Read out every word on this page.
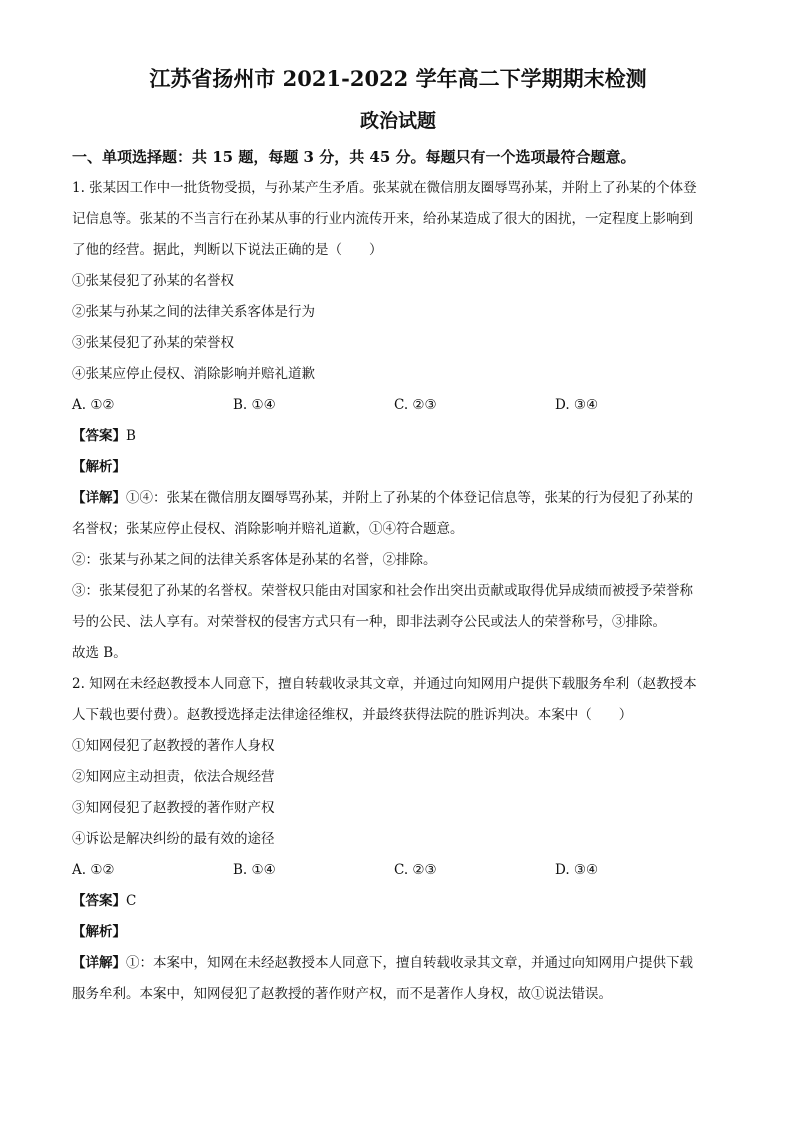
江苏省扬州市 2021-2022 学年高二下学期期末检测
政治试题
一、单项选择题：共 15 题，每题 3 分，共 45 分。每题只有一个选项最符合题意。
1. 张某因工作中一批货物受损，与孙某产生矛盾。张某就在微信朋友圈辱骂孙某，并附上了孙某的个体登
记信息等。张某的不当言行在孙某从事的行业内流传开来，给孙某造成了很大的困扰，一定程度上影响到
了他的经营。据此，判断以下说法正确的是（　　）
①张某侵犯了孙某的名誉权
②张某与孙某之间的法律关系客体是行为
③张某侵犯了孙某的荣誉权
④张某应停止侵权、消除影响并赔礼道歉
A. ①②	B. ①④	C. ②③	D. ③④
【答案】B
【解析】
【详解】①④：张某在微信朋友圈辱骂孙某，并附上了孙某的个体登记信息等，张某的行为侵犯了孙某的
名誉权；张某应停止侵权、消除影响并赔礼道歉，①④符合题意。
②：张某与孙某之间的法律关系客体是孙某的名誉，②排除。
③：张某侵犯了孙某的名誉权。荣誉权只能由对国家和社会作出突出贡献或取得优异成绩而被授予荣誉称
号的公民、法人享有。对荣誉权的侵害方式只有一种，即非法剥夺公民或法人的荣誉称号，③排除。
故选 B。
2. 知网在未经赵教授本人同意下，擅自转载收录其文章，并通过向知网用户提供下载服务牟利（赵教授本
人下载也要付费）。赵教授选择走法律途径维权，并最终获得法院的胜诉判决。本案中（　　）
①知网侵犯了赵教授的著作人身权
②知网应主动担责，依法合规经营
③知网侵犯了赵教授的著作财产权
④诉讼是解决纠纷的最有效的途径
A. ①②	B. ①④	C. ②③	D. ③④
【答案】C
【解析】
【详解】①：本案中，知网在未经赵教授本人同意下，擅自转载收录其文章，并通过向知网用户提供下载
服务牟利。本案中，知网侵犯了赵教授的著作财产权，而不是著作人身权，故①说法错误。
